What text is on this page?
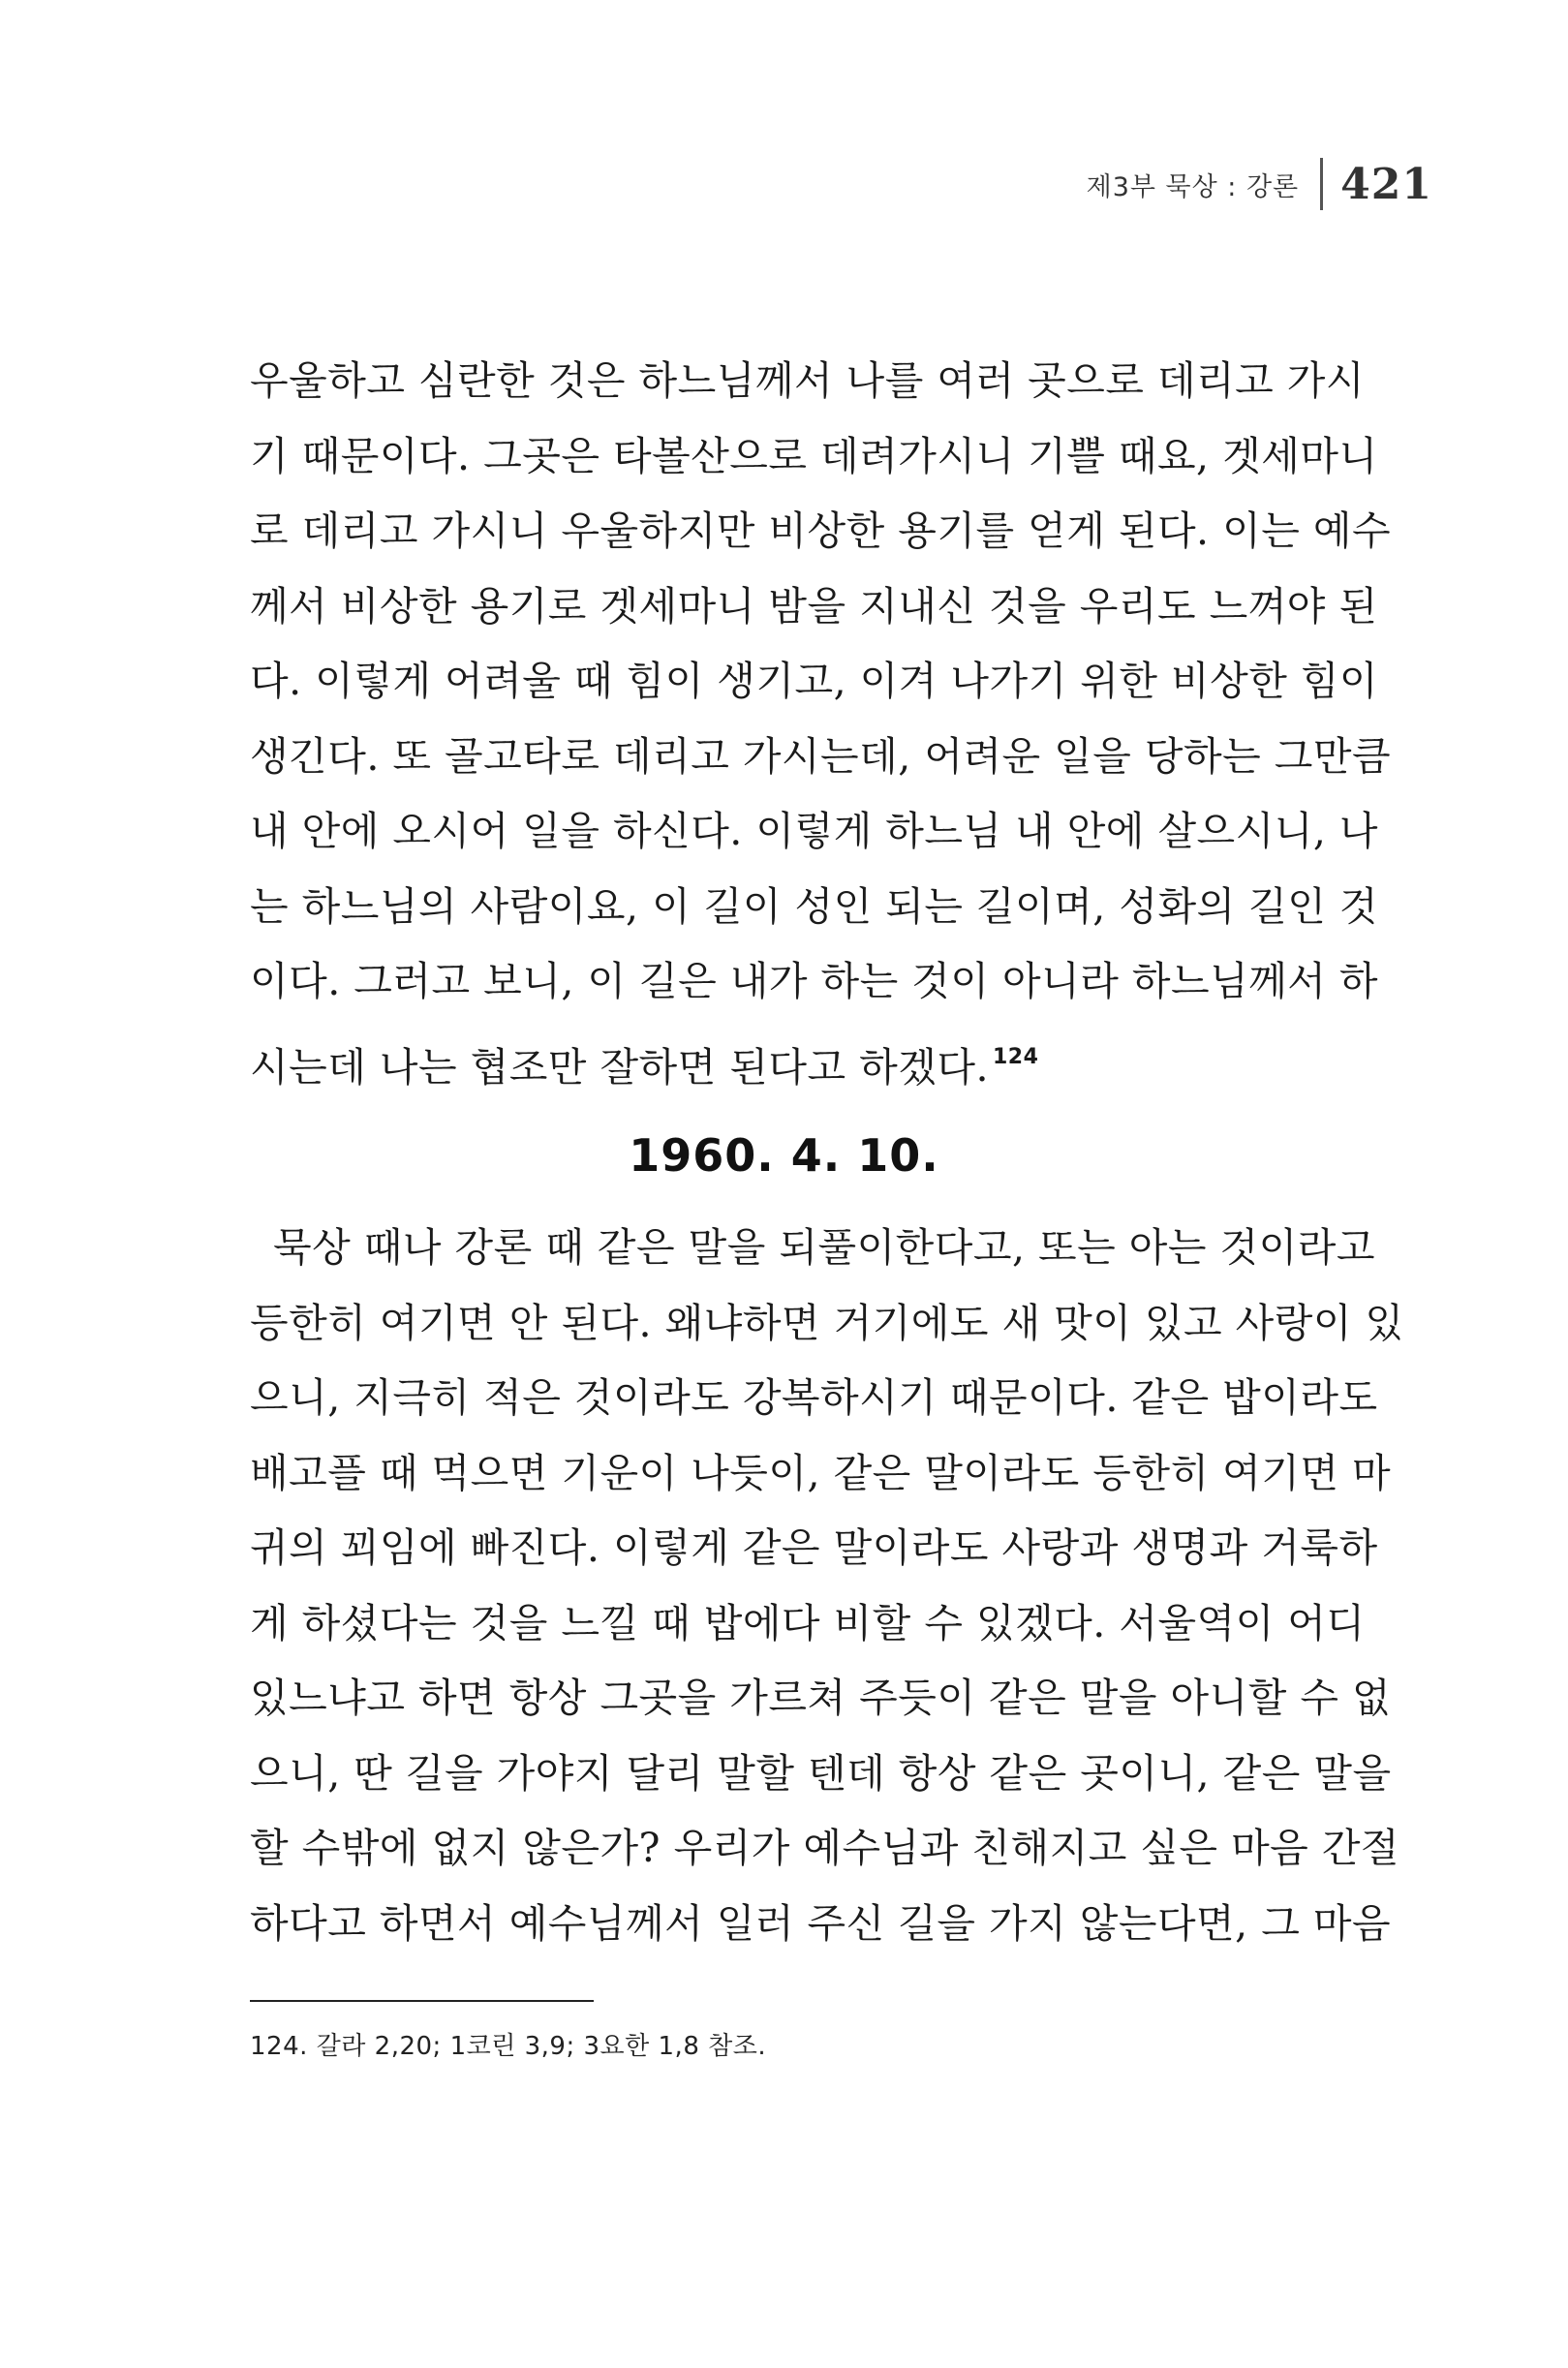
제3부 묵상 : 강론 421
우울하고 심란한 것은 하느님께서 나를 여러 곳으로 데리고 가시
기 때문이다. 그곳은 타볼산으로 데려가시니 기쁠 때요, 겟세마니
로 데리고 가시니 우울하지만 비상한 용기를 얻게 된다. 이는 예수
께서 비상한 용기로 겟세마니 밤을 지내신 것을 우리도 느껴야 된
다. 이렇게 어려울 때 힘이 생기고, 이겨 나가기 위한 비상한 힘이
생긴다. 또 골고타로 데리고 가시는데, 어려운 일을 당하는 그만큼
내 안에 오시어 일을 하신다. 이렇게 하느님 내 안에 살으시니, 나
는 하느님의 사람이요, 이 길이 성인 되는 길이며, 성화의 길인 것
이다. 그러고 보니, 이 길은 내가 하는 것이 아니라 하느님께서 하
시는데 나는 협조만 잘하면 된다고 하겠다. $^{124}$
1960. 4. 10.
묵상 때나 강론 때 같은 말을 되풀이한다고, 또는 아는 것이라고
등한히 여기면 안 된다. 왜냐하면 거기에도 새 맛이 있고 사랑이 있
으니, 지극히 적은 것이라도 강복하시기 때문이다. 같은 밥이라도
배고플 때 먹으면 기운이 나듯이, 같은 말이라도 등한히 여기면 마
귀의 꾀임에 빠진다. 이렇게 같은 말이라도 사랑과 생명과 거룩하
게 하셨다는 것을 느낄 때 밥에다 비할 수 있겠다. 서울역이 어디
있느냐고 하면 항상 그곳을 가르쳐 주듯이 같은 말을 아니할 수 없
으니, 딴 길을 가야지 달리 말할 텐데 항상 같은 곳이니, 같은 말을
할 수밖에 없지 않은가? 우리가 예수님과 친해지고 싶은 마음 간절
하다고 하면서 예수님께서 일러 주신 길을 가지 않는다면, 그 마음
124. 갈라 2,20; 1코린 3,9; 3요한 1,8 참조.
